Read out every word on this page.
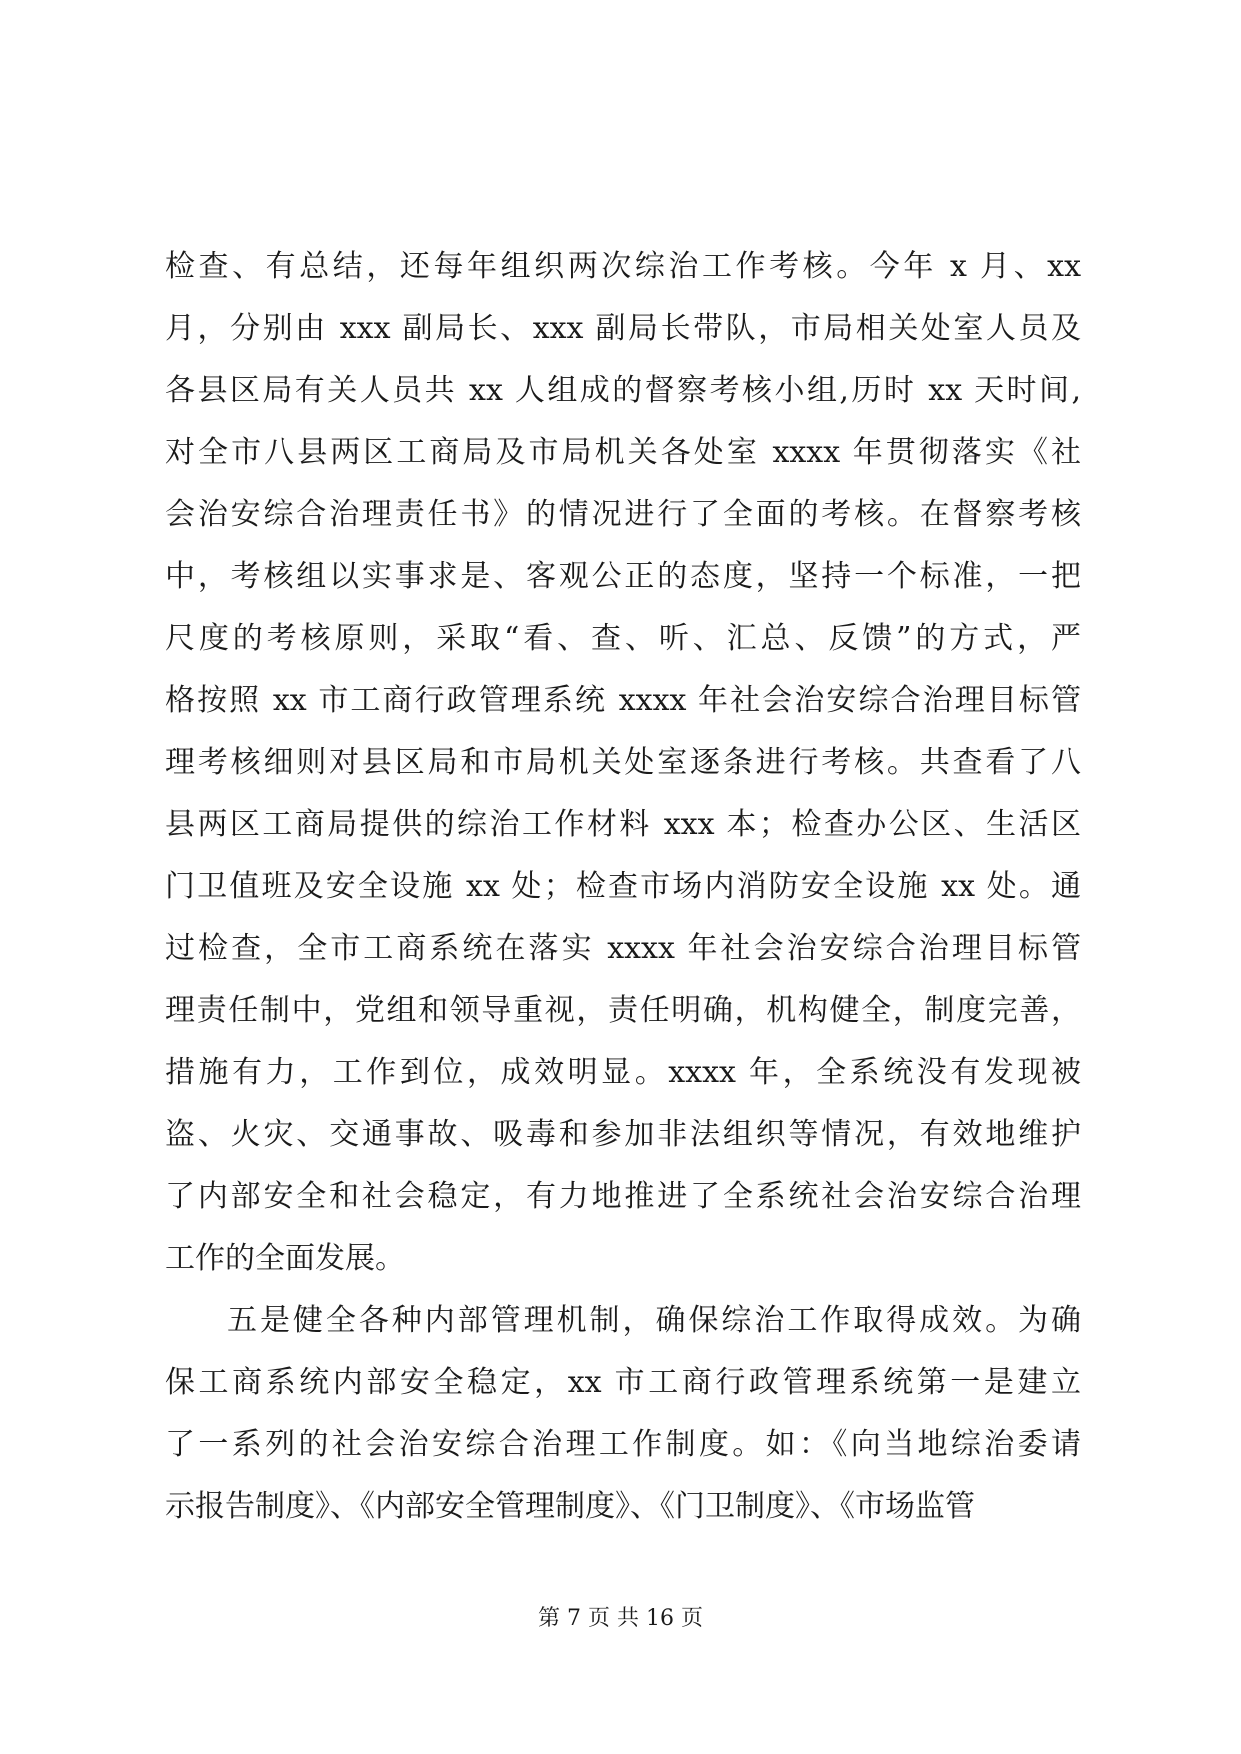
检查、有总结，还每年组织两次综治工作考核。今年 x 月、xx
月，分别由 xxx 副局长、xxx 副局长带队，市局相关处室人员及
各县区局有关人员共 xx 人组成的督察考核小组,历时 xx 天时间,
对全市八县两区工商局及市局机关各处室 xxxx 年贯彻落实《社
会治安综合治理责任书》的情况进行了全面的考核。在督察考核
中，考核组以实事求是、客观公正的态度，坚持一个标准，一把
尺度的考核原则，采取“看、查、听、汇总、反馈”的方式，严
格按照 xx 市工商行政管理系统 xxxx 年社会治安综合治理目标管
理考核细则对县区局和市局机关处室逐条进行考核。共查看了八
县两区工商局提供的综治工作材料 xxx 本；检查办公区、生活区
门卫值班及安全设施 xx 处；检查市场内消防安全设施 xx 处。通
过检查，全市工商系统在落实 xxxx 年社会治安综合治理目标管
理责任制中，党组和领导重视，责任明确，机构健全，制度完善，
措施有力，工作到位，成效明显。xxxx 年，全系统没有发现被
盗、火灾、交通事故、吸毒和参加非法组织等情况，有效地维护
了内部安全和社会稳定，有力地推进了全系统社会治安综合治理
工作的全面发展。
五是健全各种内部管理机制，确保综治工作取得成效。为确
保工商系统内部安全稳定，xx 市工商行政管理系统第一是建立
了一系列的社会治安综合治理工作制度。如：《向当地综治委请
示报告制度》、《内部安全管理制度》、《门卫制度》、《市场监管
第 7 页 共 16 页
